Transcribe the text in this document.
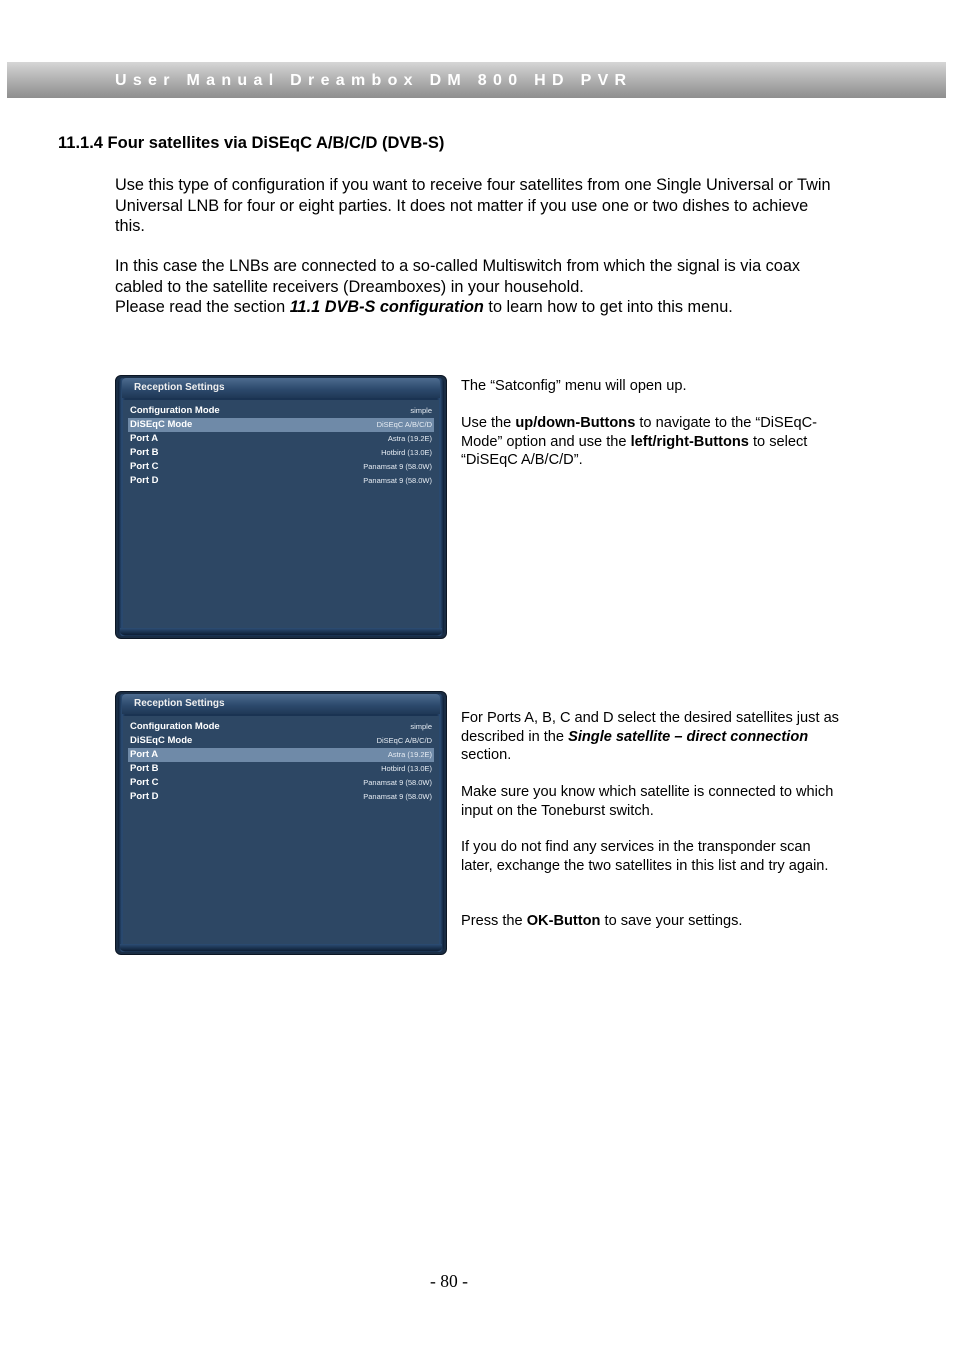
User Manual Dreambox DM 800 HD PVR
11.1.4 Four satellites via DiSEqC A/B/C/D (DVB-S)

Use this type of configuration if you want to receive four satellites from one Single Universal or Twin Universal LNB for four or eight parties. It does not matter if you use one or two dishes to achieve this.

In this case the LNBs are connected to a so-called Multiswitch from which the signal is via coax cabled to the satellite receivers (Dreamboxes) in your household.

Please read the section 11.1 DVB-S configuration to learn how to get into this menu.

Reception Settings
Configuration Mode	simple
DiSEqC Mode	DiSEqC A/B/C/D
Port A	Astra (19.2E)
Port B	Hotbird (13.0E)
Port C	Panamsat 9 (58.0W)
Port D	Panamsat 9 (58.0W)

The “Satconfig” menu will open up.

Use the up/down-Buttons to navigate to the “DiSEqC-Mode” option and use the left/right-Buttons to select “DiSEqC A/B/C/D”.

Reception Settings
Configuration Mode	simple
DiSEqC Mode	DiSEqC A/B/C/D
Port A	Astra (19.2E)
Port B	Hotbird (13.0E)
Port C	Panamsat 9 (58.0W)
Port D	Panamsat 9 (58.0W)

For Ports A, B, C and D select the desired satellites just as described in the Single satellite – direct connection section.

Make sure you know which satellite is connected to which input on the Toneburst switch.

If you do not find any services in the transponder scan later, exchange the two satellites in this list and try again.

Press the OK-Button to save your settings.

- 80 -
